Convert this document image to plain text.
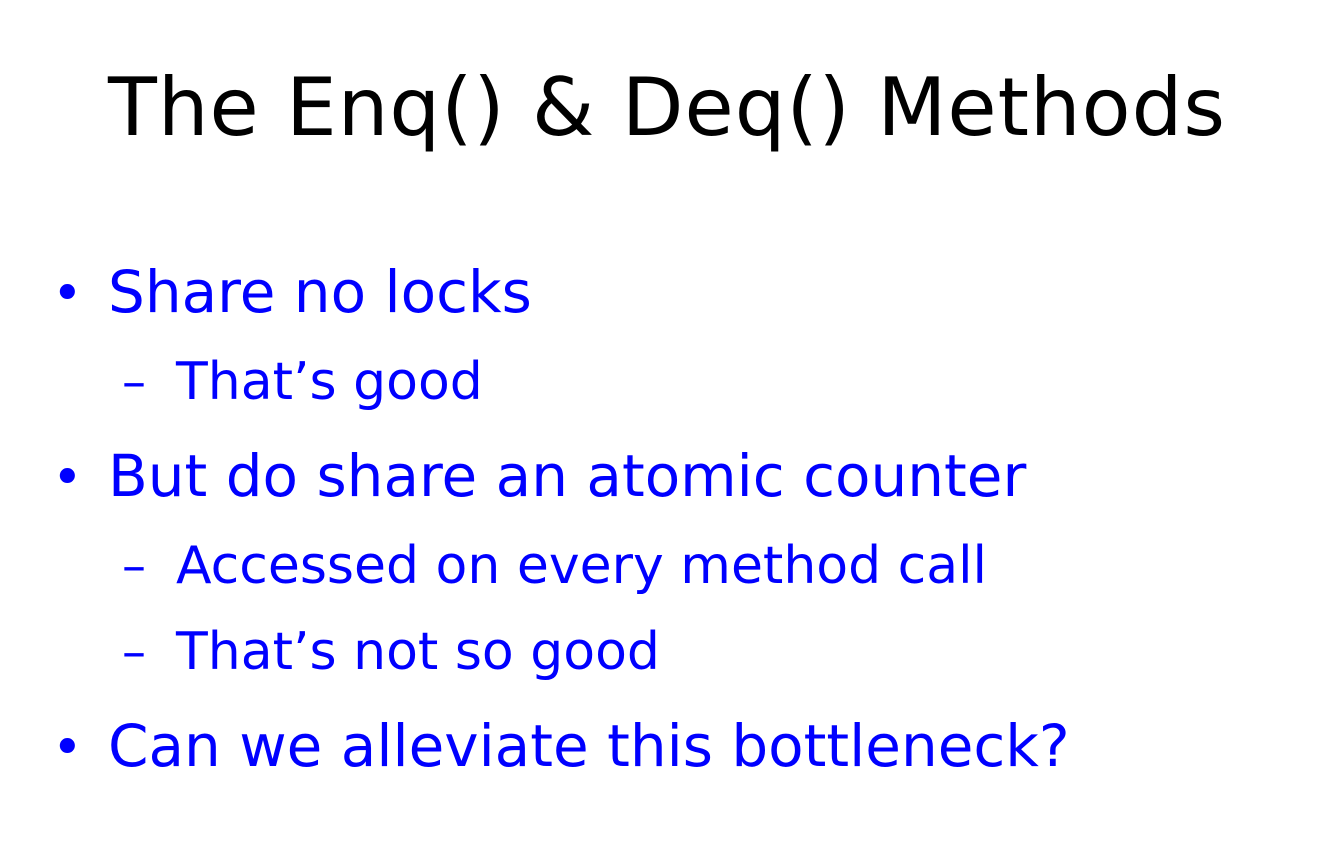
The Enq() & Deq() Methods
• Share no locks
– That’s good
• But do share an atomic counter
– Accessed on every method call
– That’s not so good
• Can we alleviate this bottleneck?
